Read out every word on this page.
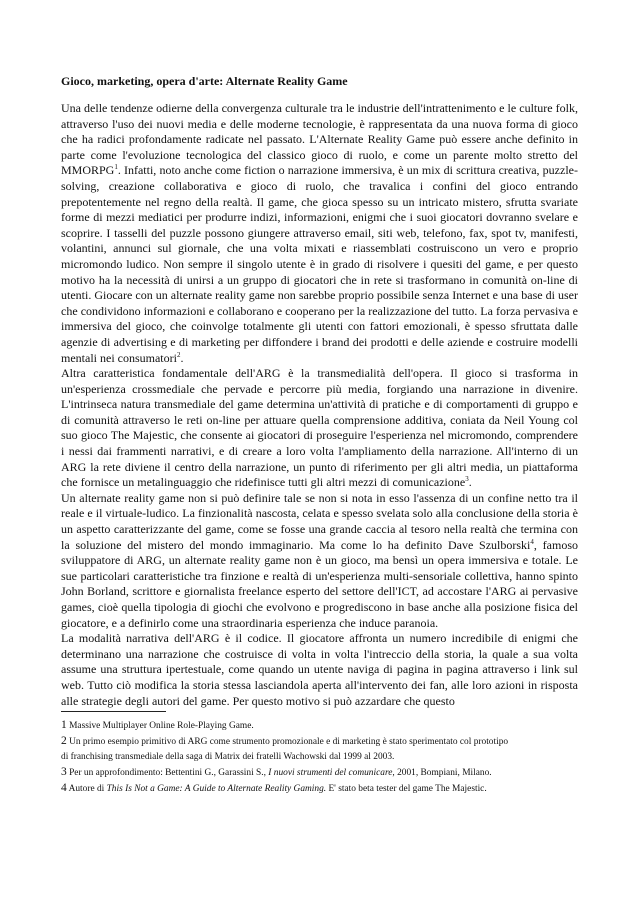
Gioco, marketing, opera d'arte: Alternate Reality Game

Una delle tendenze odierne della convergenza culturale tra le industrie dell'intrattenimento e le culture folk, attraverso l'uso dei nuovi media e delle moderne tecnologie, è rappresentata da una nuova forma di gioco che ha radici profondamente radicate nel passato. L'Alternate Reality Game può essere anche definito in parte come l'evoluzione tecnologica del classico gioco di ruolo, e come un parente molto stretto del MMORPG$^1$. Infatti, noto anche come fiction o narrazione immersiva, è un mix di scrittura creativa, puzzle-solving, creazione collaborativa e gioco di ruolo, che travalica i confini del gioco entrando prepotentemente nel regno della realtà. Il game, che gioca spesso su un intricato mistero, sfrutta svariate forme di mezzi mediatici per produrre indizi, informazioni, enigmi che i suoi giocatori dovranno svelare e scoprire. I tasselli del puzzle possono giungere attraverso email, siti web, telefono, fax, spot tv, manifesti, volantini, annunci sul giornale, che una volta mixati e riassemblati costruiscono un vero e proprio micromondo ludico. Non sempre il singolo utente è in grado di risolvere i quesiti del game, e per questo motivo ha la necessità di unirsi a un gruppo di giocatori che in rete si trasformano in comunità on-line di utenti. Giocare con un alternate reality game non sarebbe proprio possibile senza Internet e una base di user che condividono informazioni e collaborano e cooperano per la realizzazione del tutto. La forza pervasiva e immersiva del gioco, che coinvolge totalmente gli utenti con fattori emozionali, è spesso sfruttata dalle agenzie di advertising e di marketing per diffondere i brand dei prodotti e delle aziende e costruire modelli mentali nei consumatori$^2$.

Altra caratteristica fondamentale dell'ARG è la transmedialità dell'opera. Il gioco si trasforma in un'esperienza crossmediale che pervade e percorre più media, forgiando una narrazione in divenire. L'intrinseca natura transmediale del game determina un'attività di pratiche e di comportamenti di gruppo e di comunità attraverso le reti on-line per attuare quella comprensione additiva, coniata da Neil Young col suo gioco The Majestic, che consente ai giocatori di proseguire l'esperienza nel micromondo, comprendere i nessi dai frammenti narrativi, e di creare a loro volta l'ampliamento della narrazione. All'interno di un ARG la rete diviene il centro della narrazione, un punto di riferimento per gli altri media, un piattaforma che fornisce un metalinguaggio che ridefinisce tutti gli altri mezzi di comunicazione$^3$.

Un alternate reality game non si può definire tale se non si nota in esso l'assenza di un confine netto tra il reale e il virtuale-ludico. La finzionalità nascosta, celata e spesso svelata solo alla conclusione della storia è un aspetto caratterizzante del game, come se fosse una grande caccia al tesoro nella realtà che termina con la soluzione del mistero del mondo immaginario. Ma come lo ha definito Dave Szulborski$^4$, famoso sviluppatore di ARG, un alternate reality game non è un gioco, ma bensì un opera immersiva e totale. Le sue particolari caratteristiche tra finzione e realtà di un'esperienza multi-sensoriale collettiva, hanno spinto John Borland, scrittore e giornalista freelance esperto del settore dell'ICT, ad accostare l'ARG ai pervasive games, cioè quella tipologia di giochi che evolvono e progrediscono in base anche alla posizione fisica del giocatore, e a definirlo come una straordinaria esperienza che induce paranoia.

La modalità narrativa dell'ARG è il codice. Il giocatore affronta un numero incredibile di enigmi che determinano una narrazione che costruisce di volta in volta l'intreccio della storia, la quale a sua volta assume una struttura ipertestuale, come quando un utente naviga di pagina in pagina attraverso i link sul web. Tutto ciò modifica la storia stessa lasciandola aperta all'intervento dei fan, alle loro azioni in risposta alle strategie degli autori del game. Per questo motivo si può azzardare che questo

1 Massive Multiplayer Online Role-Playing Game.

2 Un primo esempio primitivo di ARG come strumento promozionale e di marketing è stato sperimentato col prototipo

di franchising transmediale della saga di Matrix dei fratelli Wachowski dal 1999 al 2003.

3 Per un approfondimento: Bettentini G., Garassini S., I nuovi strumenti del comunicare, 2001, Bompiani, Milano.

4 Autore di This Is Not a Game: A Guide to Alternate Reality Gaming. E' stato beta tester del game The Majestic.
